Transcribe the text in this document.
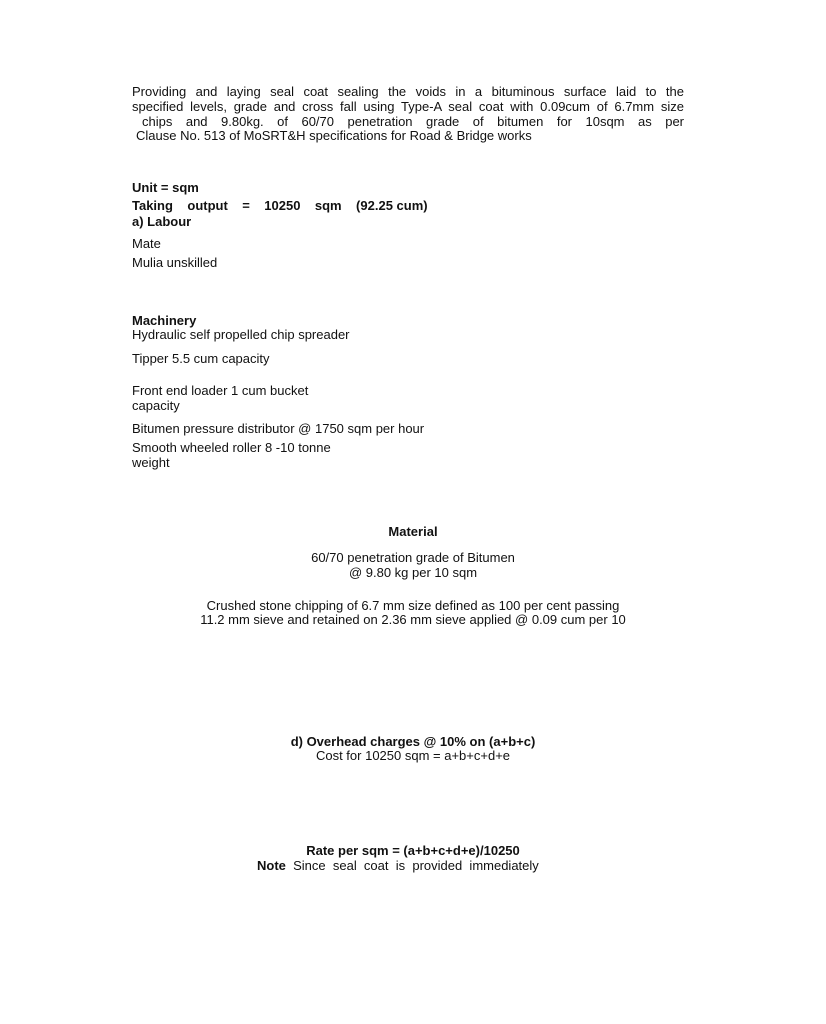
Providing and laying seal coat sealing the voids in a bituminous surface laid to the
specified levels, grade and cross fall using Type-A seal coat with 0.09cum of 6.7mm size
chips and 9.80kg. of 60/70 penetration grade of bitumen for 10sqm as per
Clause No. 513 of MoSRT&H specifications for Road & Bridge works
Unit = sqm
Taking    output    =    10250    sqm    (92.25 cum)
a) Labour
Mate
Mulia unskilled
Machinery
Hydraulic self propelled chip spreader
Tipper 5.5 cum capacity
Front end loader 1 cum bucket
capacity
Bitumen pressure distributor @ 1750 sqm per hour
Smooth wheeled roller 8 -10 tonne
weight
Material
60/70 penetration grade of Bitumen
@ 9.80 kg per 10 sqm
Crushed stone chipping of 6.7 mm size defined as 100 per cent passing
11.2 mm sieve and retained on 2.36 mm sieve applied @ 0.09 cum per 10
d) Overhead charges @ 10% on (a+b+c)
Cost for 10250 sqm = a+b+c+d+e
Rate per sqm = (a+b+c+d+e)/10250
Note  Since  seal  coat  is  provided  immediately
